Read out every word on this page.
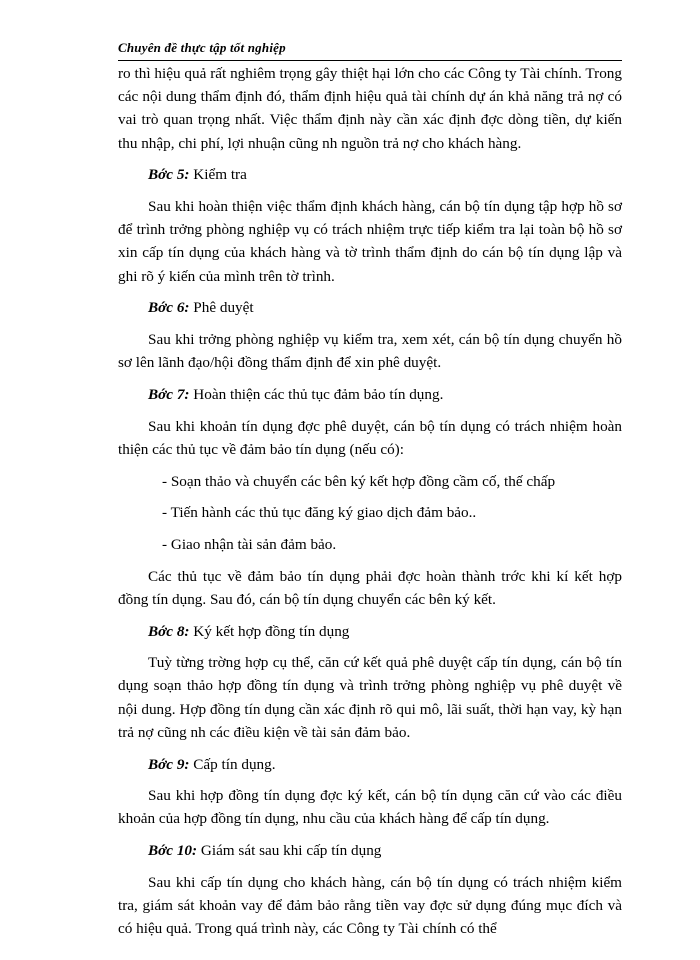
Chuyên đề thực tập tốt nghiệp

ro thì hiệu quả rất nghiêm trọng gây thiệt hại lớn cho các Công ty Tài chính. Trong các nội dung thẩm định đó, thẩm định hiệu quả tài chính dự án khả năng trả nợ có vai trò quan trọng nhất. Việc thẩm định này cần xác định đợc dòng tiền, dự kiến thu nhập, chi phí, lợi nhuận cũng nh nguồn trả nợ cho khách hàng.

Bớc 5: Kiểm tra

Sau khi hoàn thiện việc thẩm định khách hàng, cán bộ tín dụng tập hợp hồ sơ để trình trởng phòng nghiệp vụ có trách nhiệm trực tiếp kiểm tra lại toàn bộ hồ sơ xin cấp tín dụng của khách hàng và tờ trình thẩm định do cán bộ tín dụng lập và ghi rõ ý kiến của mình trên tờ trình.

Bớc 6: Phê duyệt

Sau khi trởng phòng nghiệp vụ kiểm tra, xem xét, cán bộ tín dụng chuyển hồ sơ lên lãnh đạo/hội đồng thẩm định để xin phê duyệt.

Bớc 7: Hoàn thiện các thủ tục đảm bảo tín dụng.

Sau khi khoản tín dụng đợc phê duyệt, cán bộ tín dụng có trách nhiệm hoàn thiện các thủ tục về đảm bảo tín dụng (nếu có):

- Soạn thảo và chuyển các bên ký kết hợp đồng cầm cố, thế chấp
- Tiến hành các thủ tục đăng ký giao dịch đảm bảo..
- Giao nhận tài sản đảm bảo.

Các thủ tục về đảm bảo tín dụng phải đợc hoàn thành trớc khi kí kết hợp đồng tín dụng. Sau đó, cán bộ tín dụng chuyển các bên ký kết.

Bớc 8: Ký kết hợp đồng tín dụng

Tuỳ từng trờng hợp cụ thể, căn cứ kết quả phê duyệt cấp tín dụng, cán bộ tín dụng soạn thảo hợp đồng tín dụng và trình trởng phòng nghiệp vụ phê duyệt về nội dung. Hợp đồng tín dụng cần xác định rõ qui mô, lãi suất, thời hạn vay, kỳ hạn trả nợ cũng nh các điều kiện về tài sản đảm bảo.

Bớc 9: Cấp tín dụng.

Sau khi hợp đồng tín dụng đợc ký kết, cán bộ tín dụng căn cứ vào các điều khoản của hợp đồng tín dụng, nhu cầu của khách hàng để cấp tín dụng.

Bớc 10: Giám sát sau khi cấp tín dụng

Sau khi cấp tín dụng cho khách hàng, cán bộ tín dụng có trách nhiệm kiểm tra, giám sát khoản vay để đảm bảo rằng tiền vay đợc sử dụng đúng mục đích và có hiệu quả. Trong quá trình này, các Công ty Tài chính có thể
